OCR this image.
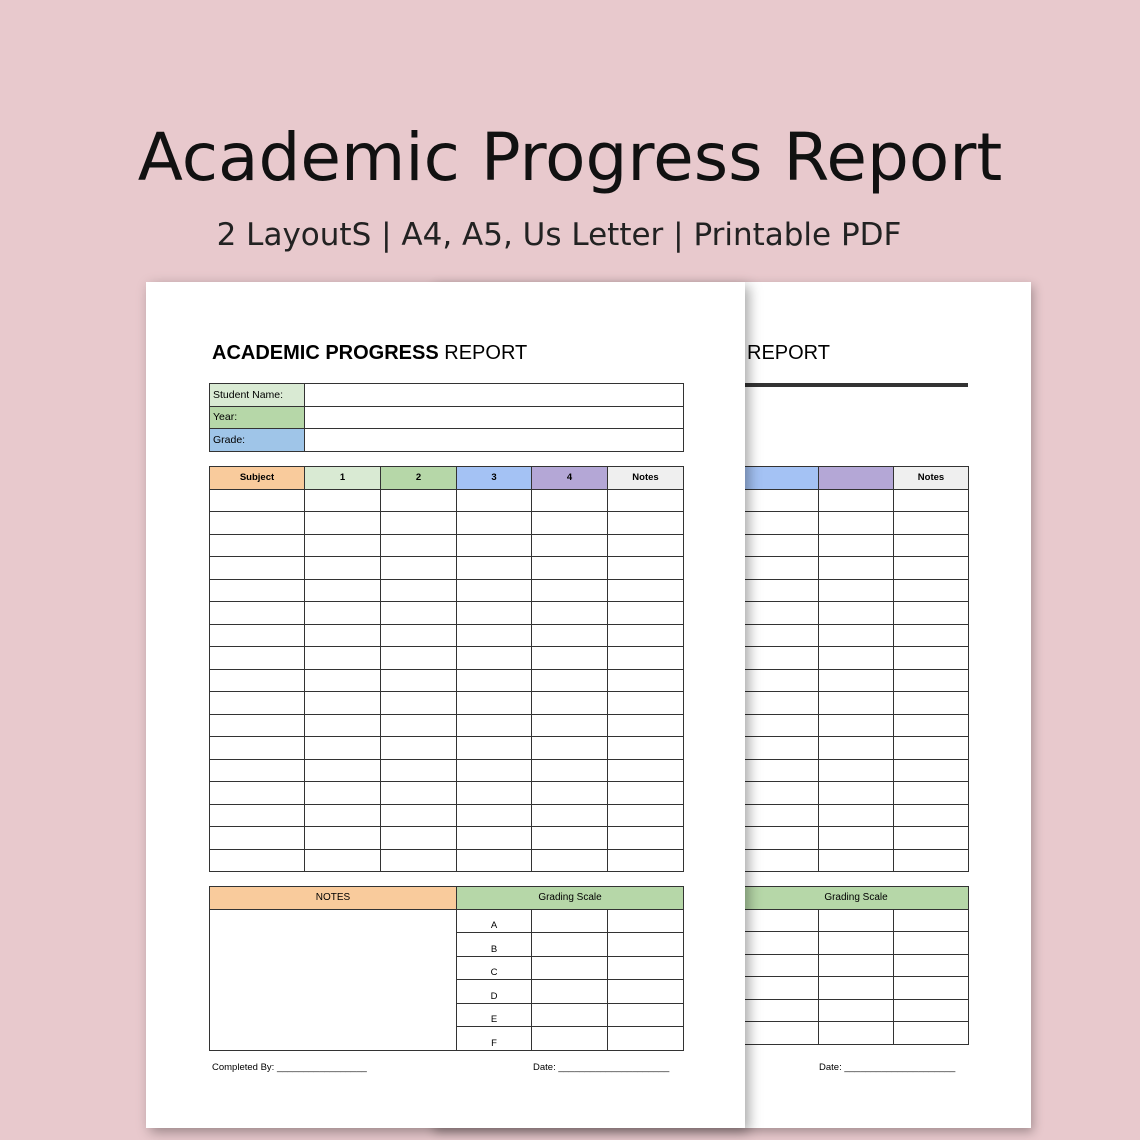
Academic Progress Report
2 LayoutS | A4, A5, Us Letter | Printable PDF
REPORT

		Notes

Grading Scale		

Date: _____________________
ACADEMIC PROGRESS REPORT
Student Name:	
Year:	
Grade:	
Subject	1	2	3	4	Notes

NOTES	Grading Scale		
	A		
	B		
	C		
	D		
	E		
	F		
Completed By: _________________	Date: _____________________
